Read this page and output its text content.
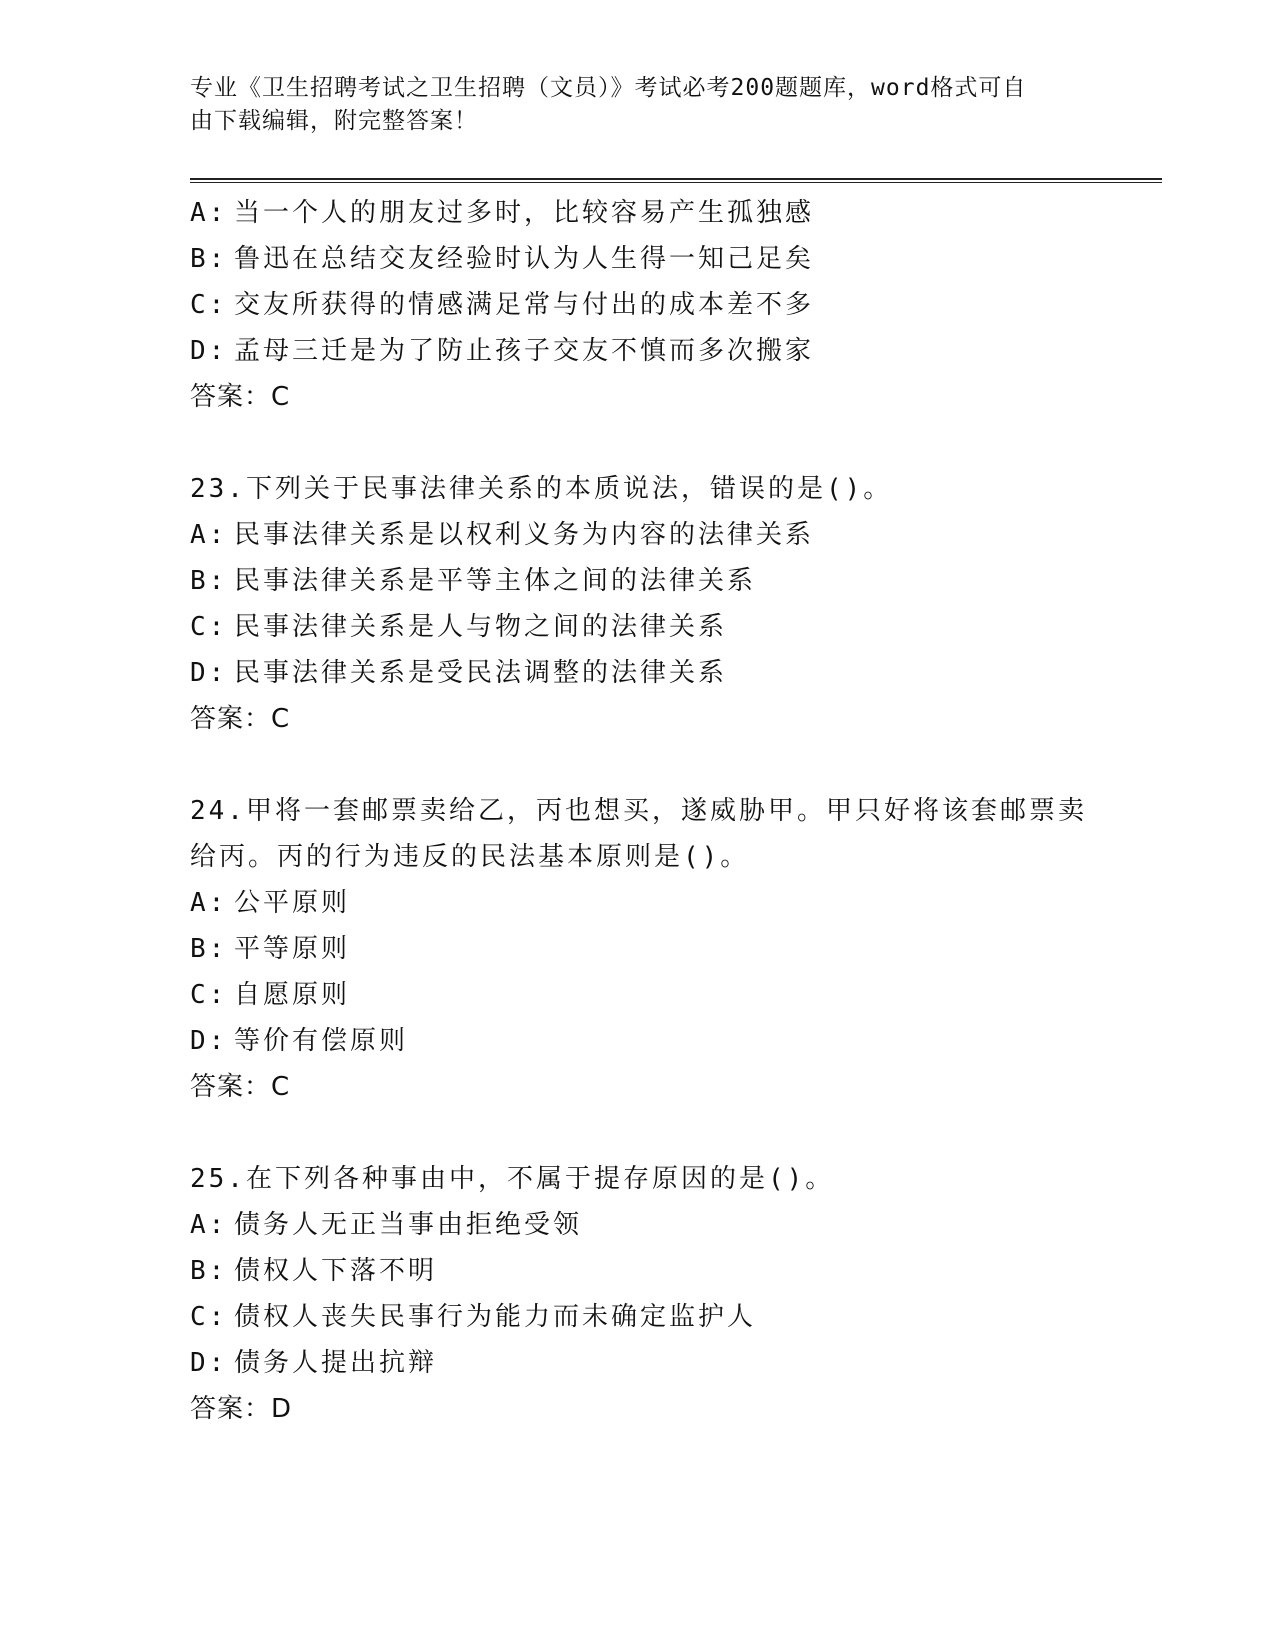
专业《卫生招聘考试之卫生招聘（文员）》考试必考200题题库，word格式可自
由下载编辑，附完整答案！
A: 当一个人的朋友过多时，比较容易产生孤独感
B: 鲁迅在总结交友经验时认为人生得一知己足矣
C: 交友所获得的情感满足常与付出的成本差不多
D: 孟母三迁是为了防止孩子交友不慎而多次搬家
答案：C
23.下列关于民事法律关系的本质说法，错误的是()。
A: 民事法律关系是以权利义务为内容的法律关系
B: 民事法律关系是平等主体之间的法律关系
C: 民事法律关系是人与物之间的法律关系
D: 民事法律关系是受民法调整的法律关系
答案：C
24.甲将一套邮票卖给乙，丙也想买，遂威胁甲。甲只好将该套邮票卖
给丙。丙的行为违反的民法基本原则是()。
A: 公平原则
B: 平等原则
C: 自愿原则
D: 等价有偿原则
答案：C
25.在下列各种事由中，不属于提存原因的是()。
A: 债务人无正当事由拒绝受领
B: 债权人下落不明
C: 债权人丧失民事行为能力而未确定监护人
D: 债务人提出抗辩
答案：D
